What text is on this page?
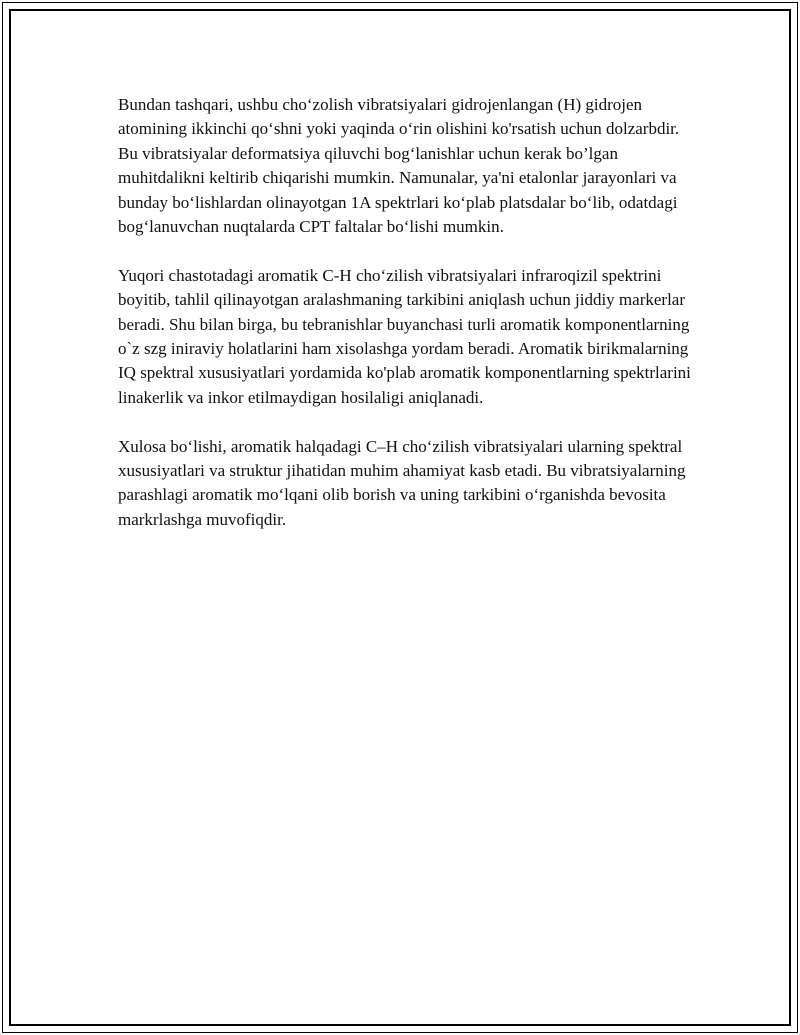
Bundan tashqari, ushbu cho‘zolish vibratsiyalari gidrojenlangan (H) gidrojen atomining ikkinchi qo‘shni yoki yaqinda o‘rin olishini ko'rsatish uchun dolzarbdir. Bu vibratsiyalar deformatsiya qiluvchi bog‘lanishlar uchun kerak bo’lgan muhitdalikni keltirib chiqarishi mumkin. Namunalar, ya'ni etalonlar jarayonlari va bunday bo‘lishlardan olinayotgan 1A spektrlari ko‘plab platsdalar bo‘lib, odatdagi bog‘lanuvchan nuqtalarda CPT faltalar bo‘lishi mumkin.

Yuqori chastotadagi aromatik C-H cho‘zilish vibratsiyalari infraroqizil spektrini boyitib, tahlil qilinayotgan aralashmaning tarkibini aniqlash uchun jiddiy markerlar beradi. Shu bilan birga, bu tebranishlar buyanchasi turli aromatik komponentlarning o`z szg iniraviy holatlarini ham xisolashga yordam beradi. Aromatik birikmalarning IQ spektral xususiyatlari yordamida ko'plab aromatik komponentlarning spektrlarini linakerlik va inkor etilmaydigan hosilaligi aniqlanadi.

Xulosa bo‘lishi, aromatik halqadagi C–H cho‘zilish vibratsiyalari ularning spektral xususiyatlari va struktur jihatidan muhim ahamiyat kasb etadi. Bu vibratsiyalarning parashlagi aromatik mo‘lqani olib borish va uning tarkibini o‘rganishda bevosita markrlashga muvofiqdir.
